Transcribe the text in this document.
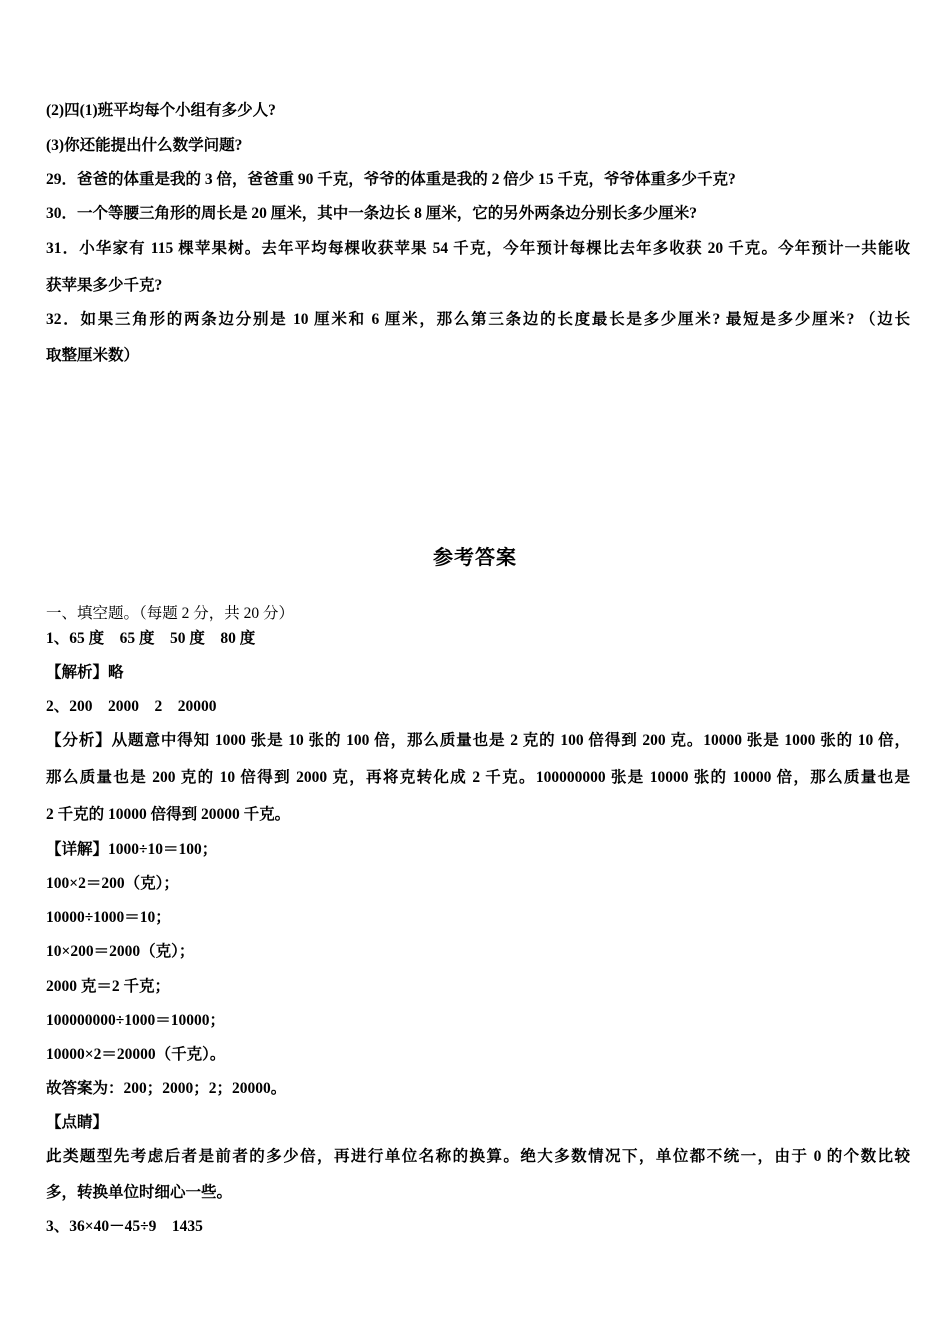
(2)四(1)班平均每个小组有多少人?
(3)你还能提出什么数学问题?
29．爸爸的体重是我的 3 倍，爸爸重 90 千克，爷爷的体重是我的 2 倍少 15 千克，爷爷体重多少千克?
30．一个等腰三角形的周长是 20 厘米，其中一条边长 8 厘米，它的另外两条边分别长多少厘米?
31．小华家有 115 棵苹果树。去年平均每棵收获苹果 54 千克，今年预计每棵比去年多收获 20 千克。今年预计一共能收
获苹果多少千克?
32．如果三角形的两条边分别是 10 厘米和 6 厘米，那么第三条边的长度最长是多少厘米? 最短是多少厘米? （边长
取整厘米数）
参考答案
一、填空题。（每题 2 分，共 20 分）
1、65 度　65 度　50 度　80 度
【解析】略
2、200　2000　2　20000
【分析】从题意中得知 1000 张是 10 张的 100 倍，那么质量也是 2 克的 100 倍得到 200 克。10000 张是 1000 张的 10 倍，
那么质量也是 200 克的 10 倍得到 2000 克，再将克转化成 2 千克。100000000 张是 10000 张的 10000 倍，那么质量也是
2 千克的 10000 倍得到 20000 千克。
【详解】1000÷10＝100；
100×2＝200（克）；
10000÷1000＝10；
10×200＝2000（克）；
2000 克＝2 千克；
100000000÷1000＝10000；
10000×2＝20000（千克）。
故答案为：200；2000；2；20000。
【点睛】
此类题型先考虑后者是前者的多少倍，再进行单位名称的换算。绝大多数情况下，单位都不统一，由于 0 的个数比较
多，转换单位时细心一些。
3、36×40－45÷9　1435
